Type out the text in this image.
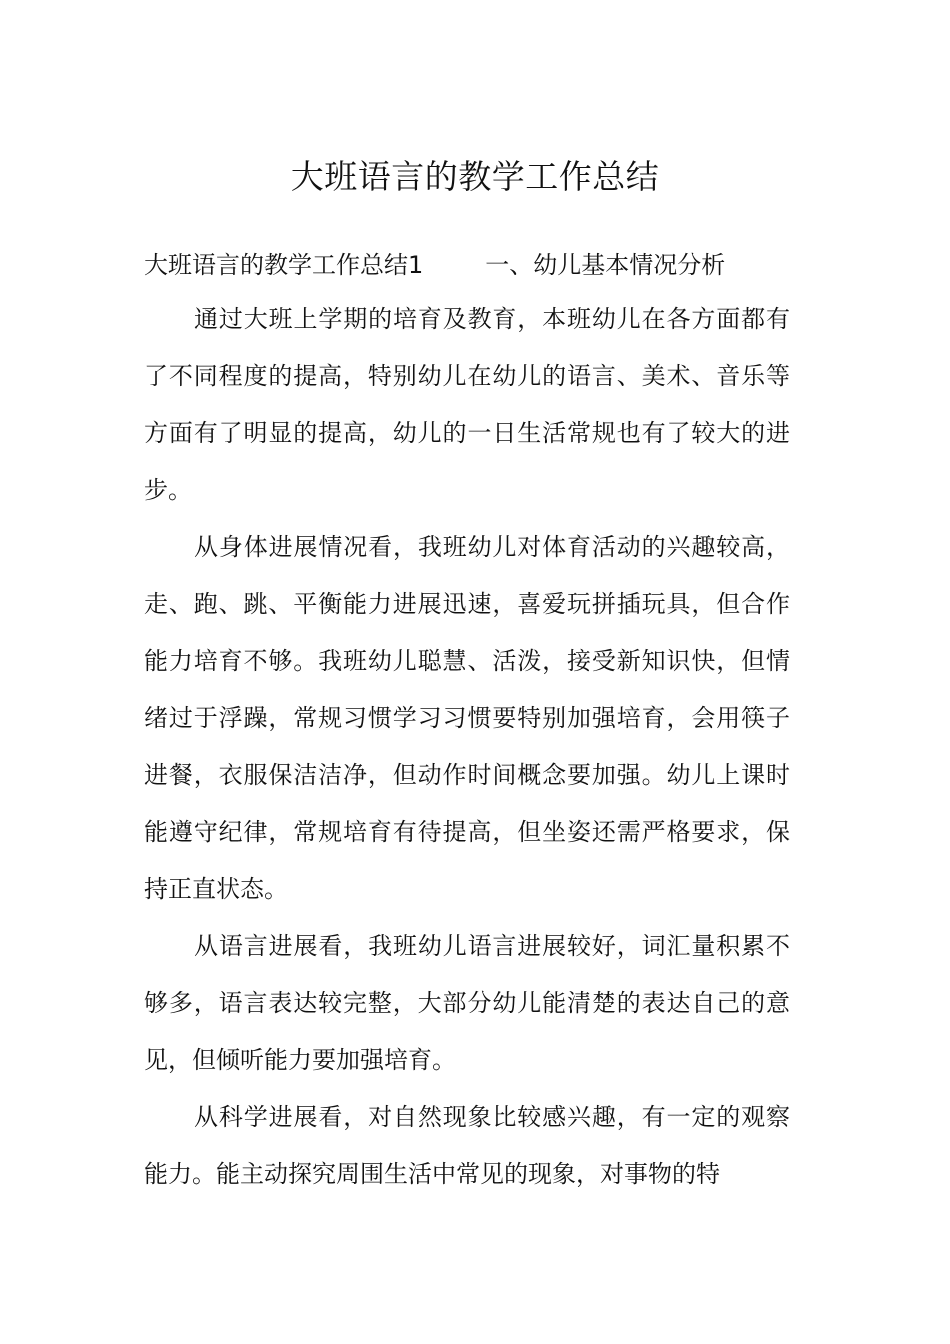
大班语言的教学工作总结
大班语言的教学工作总结1	一、幼儿基本情况分析

通过大班上学期的培育及教育，本班幼儿在各方面都有了不同程度的提高，特别幼儿在幼儿的语言、美术、音乐等方面有了明显的提高，幼儿的一日生活常规也有了较大的进步。

从身体进展情况看，我班幼儿对体育活动的兴趣较高，走、跑、跳、平衡能力进展迅速，喜爱玩拼插玩具，但合作能力培育不够。我班幼儿聪慧、活泼，接受新知识快，但情绪过于浮躁，常规习惯学习习惯要特别加强培育，会用筷子进餐，衣服保洁洁净，但动作时间概念要加强。幼儿上课时能遵守纪律，常规培育有待提高，但坐姿还需严格要求，保持正直状态。

从语言进展看，我班幼儿语言进展较好，词汇量积累不够多，语言表达较完整，大部分幼儿能清楚的表达自己的意见，但倾听能力要加强培育。

从科学进展看，对自然现象比较感兴趣，有一定的观察能力。能主动探究周围生活中常见的现象，对事物的特
